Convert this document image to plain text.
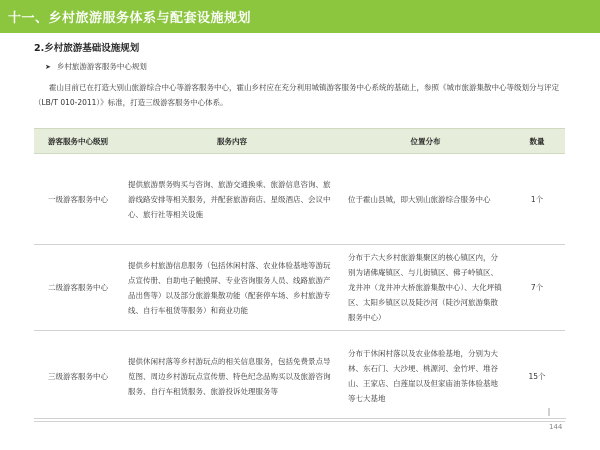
十一、乡村旅游服务体系与配套设施规划
2.乡村旅游基础设施规划
➤ 乡村旅游游客服务中心规划

霍山目前已在打造大别山旅游综合中心等游客服务中心，霍山乡村应在充分利用城镇游客服务中心系统的基础上，参照《城市旅游集散中心等级划分与评定（LB/T 010-2011）》标准，打造三级游客服务中心体系。

游客服务中心级别	服务内容	位置分布	数量

一级游客服务中心	提供旅游票务购买与咨询、旅游交通换乘、旅游信息咨询、旅游线路安排等相关服务，并配套旅游商店、星级酒店、会议中心、旅行社等相关设施	位于霍山县城，即大别山旅游综合服务中心	1个

二级游客服务中心	提供乡村旅游信息服务（包括休闲村落、农业体验基地等游玩点宣传册、自助电子触摸屏、专业咨询服务人员、线路旅游产品出售等）以及部分旅游集散功能（配套停车场、乡村旅游专线、自行车租赁等服务）和商业功能	分布于六大乡村旅游集聚区的核心镇区内，分别为诸佛庵镇区、与儿街镇区、佛子岭镇区、龙井冲（龙井冲大桥旅游集散中心）、大化坪镇区、太阳乡镇区以及陡沙河（陡沙河旅游集散服务中心）	7个

三级游客服务中心	提供休闲村落等乡村游玩点的相关信息服务，包括免费景点导览图、周边乡村游玩点宣传册、特色纪念品购买以及旅游咨询服务、自行车租赁服务、旅游投诉处理服务等	分布于休闲村落以及农业体验基地，分别为大林、东石门、大沙埂、桃源河、金竹坪、堆谷山、王家店、白莲崖以及但家庙油茶体验基地等七大基地	15个
144
